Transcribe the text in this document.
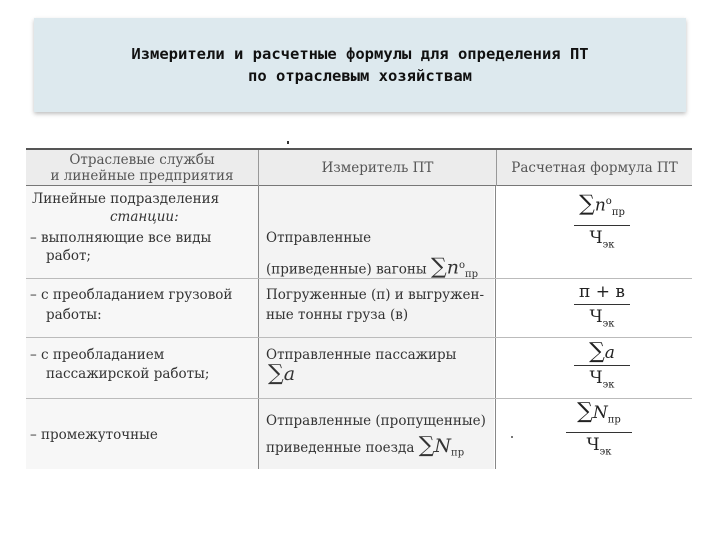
Измерители и расчетные формулы для определения ПТ
по отраслевым хозяйствам
Отраслевые службы
и линейные предприятия	Измеритель ПТ	Расчетная формула ПТ
Линейные подразделения
станции:
– выполняющие все виды
работ;
Отправленные
(приведенные) вагоны $\sum n^о_{пр}$
$\sum n^о_{пр}$
$Ч_{эк}$
– с преобладанием грузовой
работы:
Погруженные (п) и выгружен-
ные тонны груза (в)
п + в
$Ч_{эк}$
– с преобладанием
пассажирской работы;
Отправленные пассажиры
∑a
∑a
$Ч_{эк}$
– промежуточные
Отправленные (пропущенные)
приведенные поезда $\sum N_{пр}$
$\sum N_{пр}$
$Ч_{эк}$
